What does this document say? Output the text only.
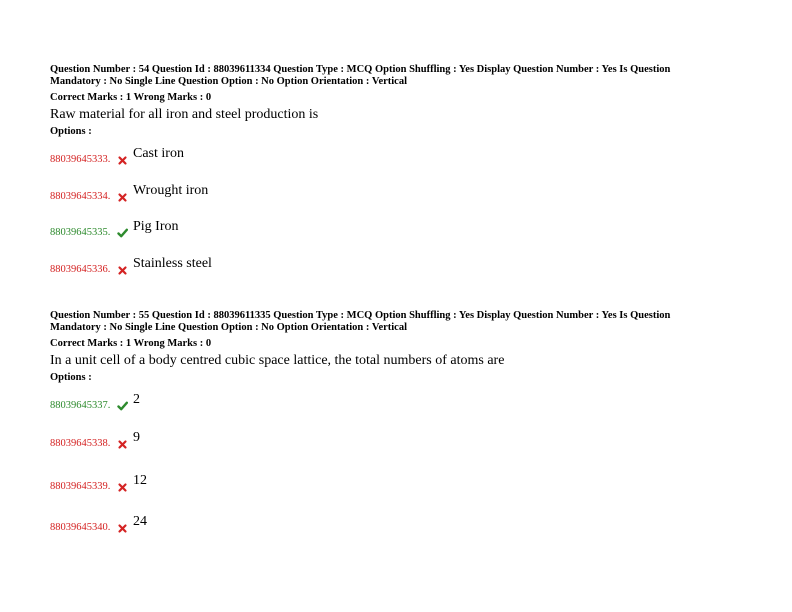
Question Number : 54 Question Id : 88039611334 Question Type : MCQ Option Shuffling : Yes Display Question Number : Yes Is Question
Mandatory : No Single Line Question Option : No Option Orientation : Vertical
Correct Marks : 1 Wrong Marks : 0
Raw material for all iron and steel production is
Options :
88039645333. Cast iron
88039645334. Wrought iron
88039645335. Pig Iron
88039645336. Stainless steel
Question Number : 55 Question Id : 88039611335 Question Type : MCQ Option Shuffling : Yes Display Question Number : Yes Is Question
Mandatory : No Single Line Question Option : No Option Orientation : Vertical
Correct Marks : 1 Wrong Marks : 0
In a unit cell of a body centred cubic space lattice, the total numbers of atoms are
Options :
88039645337. 2
88039645338. 9
88039645339. 12
88039645340. 24
